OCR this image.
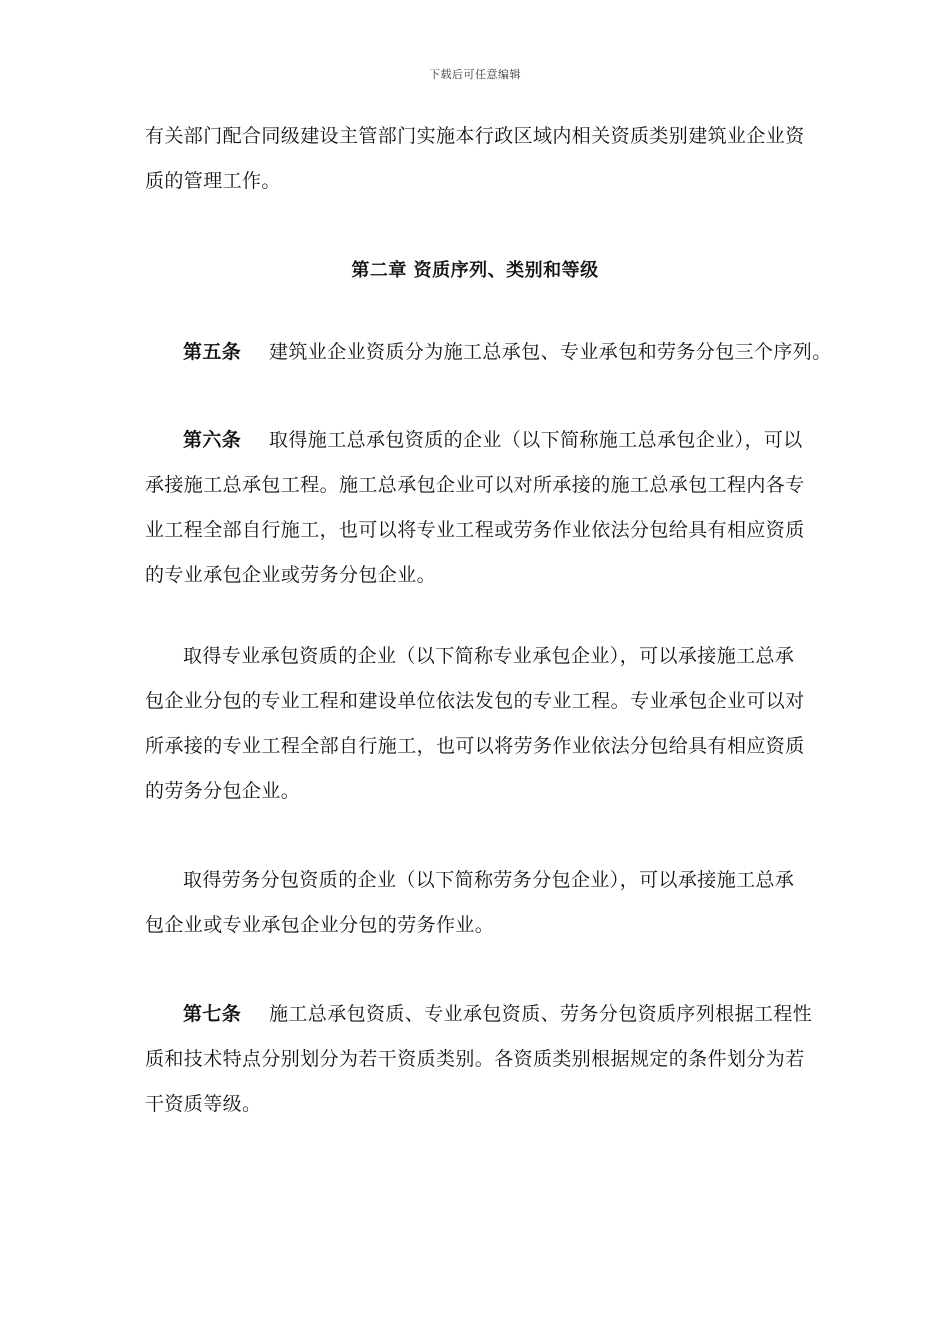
下载后可任意编辑
有关部门配合同级建设主管部门实施本行政区域内相关资质类别建筑业企业资
质的管理工作。
第二章 资质序列、类别和等级
第五条 建筑业企业资质分为施工总承包、专业承包和劳务分包三个序列。
第六条 取得施工总承包资质的企业（以下简称施工总承包企业），可以
承接施工总承包工程。施工总承包企业可以对所承接的施工总承包工程内各专
业工程全部自行施工，也可以将专业工程或劳务作业依法分包给具有相应资质
的专业承包企业或劳务分包企业。
取得专业承包资质的企业（以下简称专业承包企业），可以承接施工总承
包企业分包的专业工程和建设单位依法发包的专业工程。专业承包企业可以对
所承接的专业工程全部自行施工，也可以将劳务作业依法分包给具有相应资质
的劳务分包企业。
取得劳务分包资质的企业（以下简称劳务分包企业），可以承接施工总承
包企业或专业承包企业分包的劳务作业。
第七条 施工总承包资质、专业承包资质、劳务分包资质序列根据工程性
质和技术特点分别划分为若干资质类别。各资质类别根据规定的条件划分为若
干资质等级。
